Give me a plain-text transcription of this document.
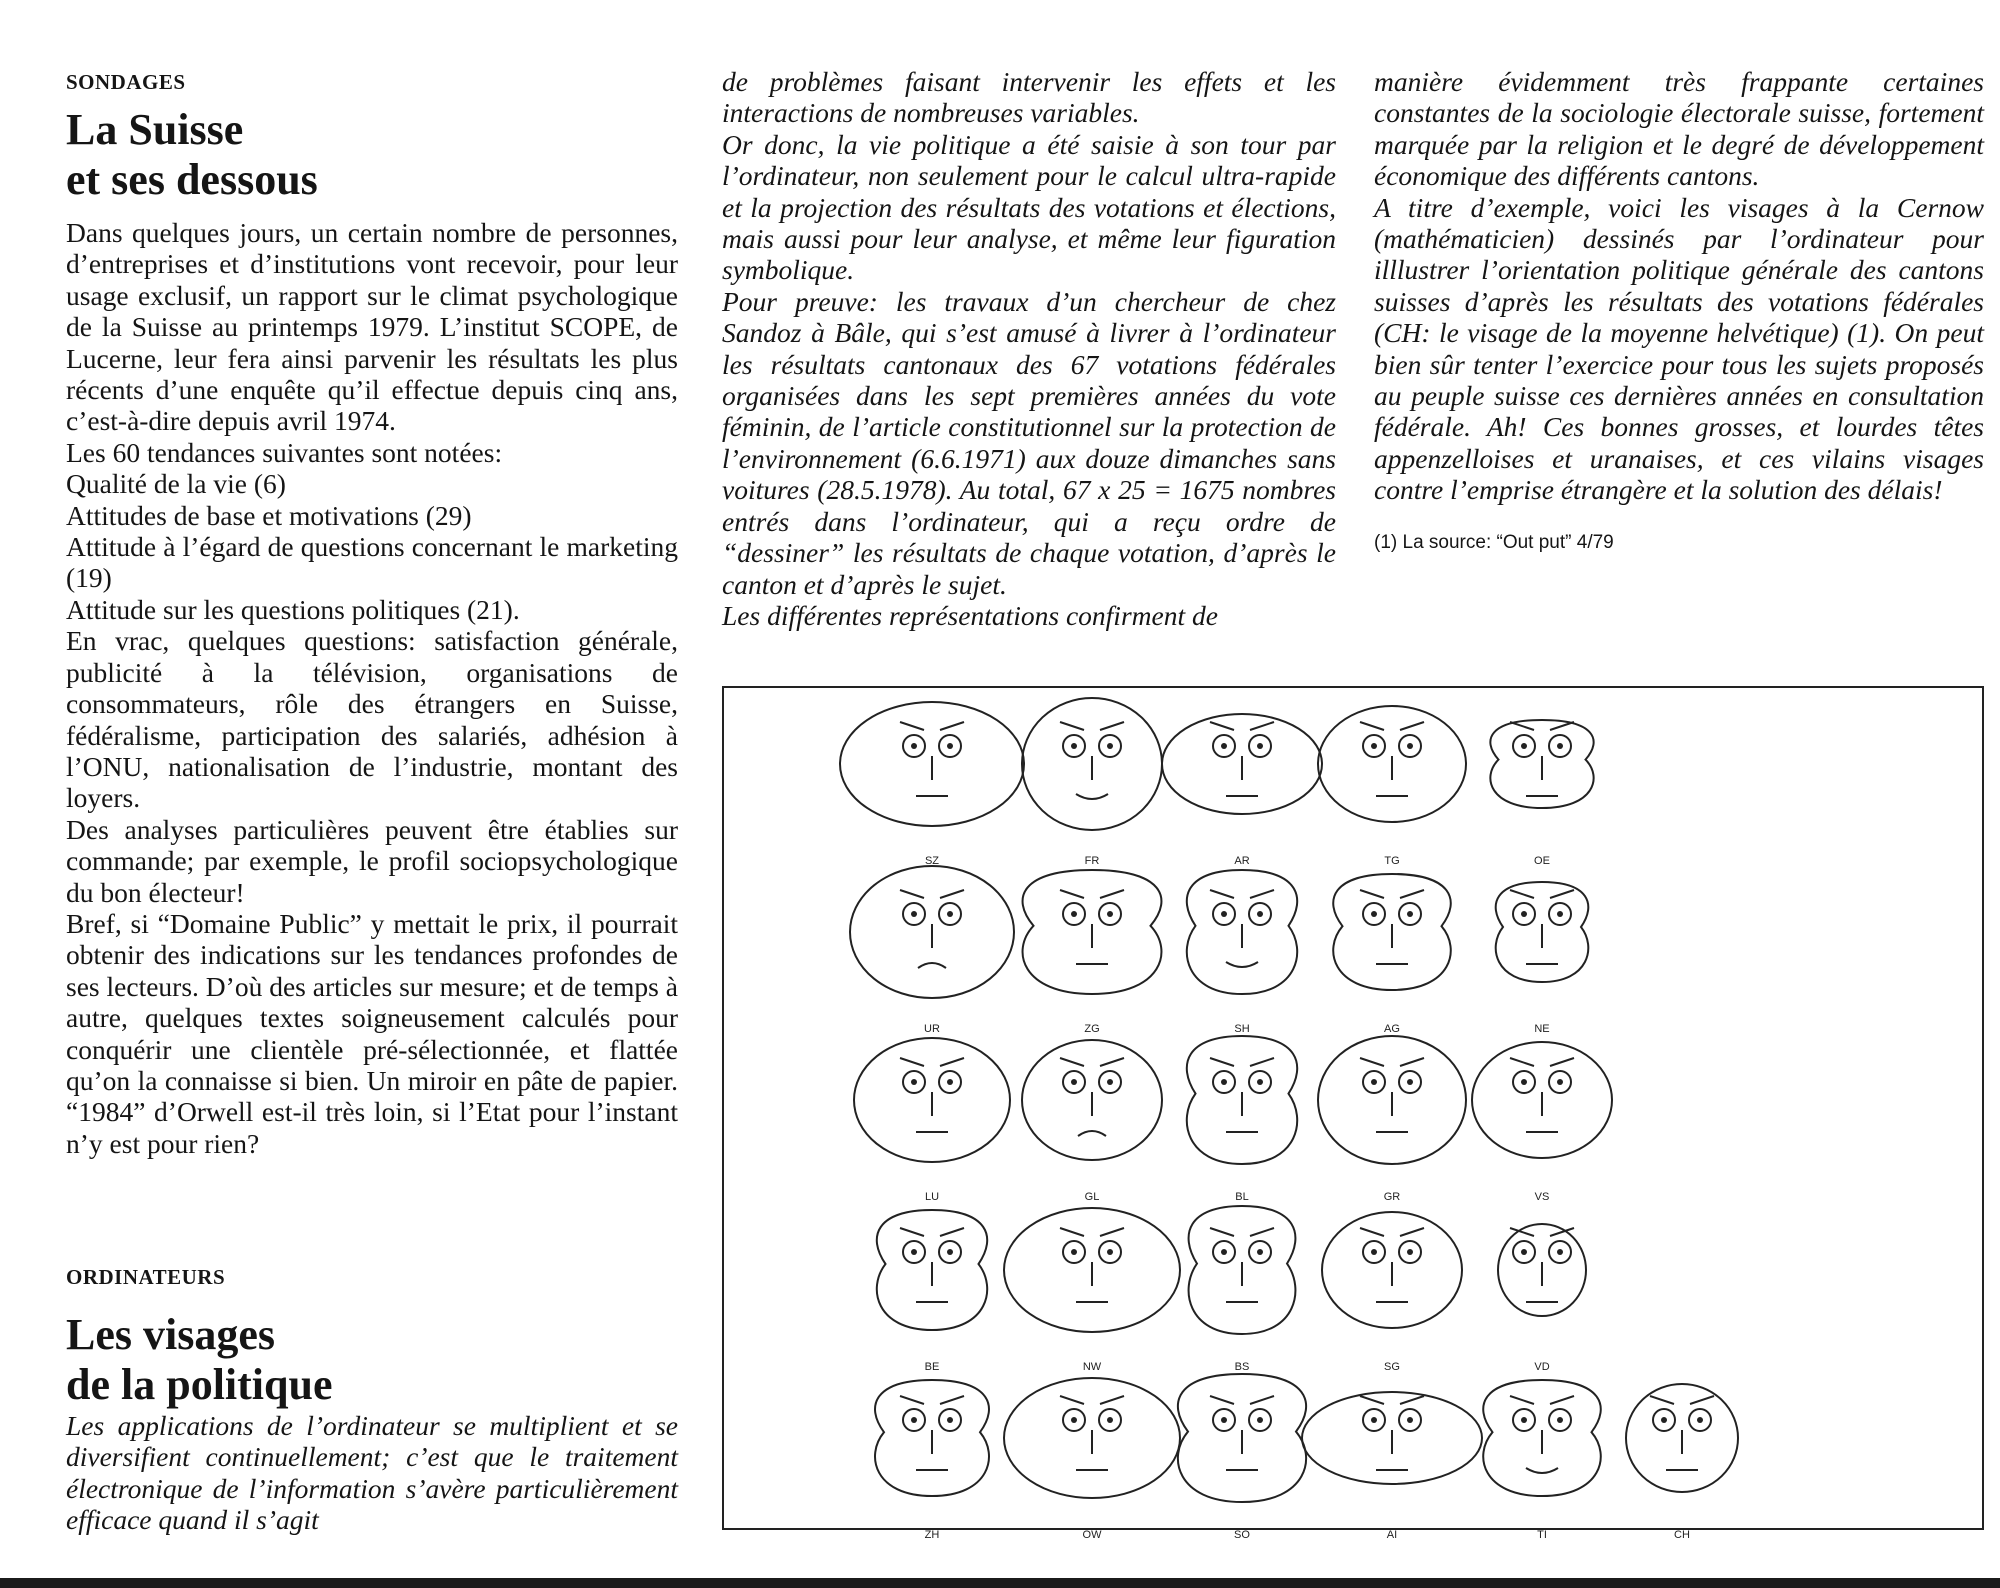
SONDAGES

La Suisse
et ses dessous

Dans quelques jours, un certain nombre de personnes, d’entreprises et d’institutions vont recevoir, pour leur usage exclusif, un rapport sur le climat psychologique de la Suisse au printemps 1979. L’institut SCOPE, de Lucerne, leur fera ainsi parvenir les résultats les plus récents d’une enquête qu’il effectue depuis cinq ans, c’est-à-dire depuis avril 1974.

Les 60 tendances suivantes sont notées:

Qualité de la vie (6)

Attitudes de base et motivations (29)

Attitude à l’égard de questions concernant le marketing (19)

Attitude sur les questions politiques (21).

En vrac, quelques questions: satisfaction générale, publicité à la télévision, organisations de consommateurs, rôle des étrangers en Suisse, fédéralisme, participation des salariés, adhésion à l’ONU, nationalisation de l’industrie, montant des loyers.

Des analyses particulières peuvent être établies sur commande; par exemple, le profil sociopsychologique du bon électeur!

Bref, si “Domaine Public” y mettait le prix, il pourrait obtenir des indications sur les tendances profondes de ses lecteurs. D’où des articles sur mesure; et de temps à autre, quelques textes soigneusement calculés pour conquérir une clientèle pré-sélectionnée, et flattée qu’on la connaisse si bien. Un miroir en pâte de papier. “1984” d’Orwell est-il très loin, si l’Etat pour l’instant n’y est pour rien?

ORDINATEURS

Les visages
de la politique
Les applications de l’ordinateur se multiplient et se diversifient continuellement; c’est que le traitement électronique de l’information s’avère particulièrement efficace quand il s’agit

de problèmes faisant intervenir les effets et les interactions de nombreuses variables.

Or donc, la vie politique a été saisie à son tour par l’ordinateur, non seulement pour le calcul ultra-rapide et la projection des résultats des votations et élections, mais aussi pour leur analyse, et même leur figuration symbolique.

Pour preuve: les travaux d’un chercheur de chez Sandoz à Bâle, qui s’est amusé à livrer à l’ordinateur les résultats cantonaux des 67 votations fédérales organisées dans les sept premières années du vote féminin, de l’article constitutionnel sur la protection de l’environnement (6.6.1971) aux douze dimanches sans voitures (28.5.1978). Au total, 67 x 25 = 1675 nombres entrés dans l’ordinateur, qui a reçu ordre de “dessiner” les résultats de chaque votation, d’après le canton et d’après le sujet.

Les différentes représentations confirment de

manière évidemment très frappante certaines constantes de la sociologie électorale suisse, fortement marquée par la religion et le degré de développement économique des différents cantons.

A titre d’exemple, voici les visages à la Cernow (mathématicien) dessinés par l’ordinateur pour illlustrer l’orientation politique générale des cantons suisses d’après les résultats des votations fédérales (CH: le visage de la moyenne helvétique) (1). On peut bien sûr tenter l’exercice pour tous les sujets proposés au peuple suisse ces dernières années en consultation fédérale. Ah! Ces bonnes grosses, et lourdes têtes appenzelloises et uranaises, et ces vilains visages contre l’emprise étrangère et la solution des délais!

(1) La source: “Out put” 4/79
SZ	FR	AR	TG	OE
UR	ZG	SH	AG	NE
LU	GL	BL	GR	VS
BE	NW	BS	SG	VD
ZH	OW	SO	AI	TI	CH
